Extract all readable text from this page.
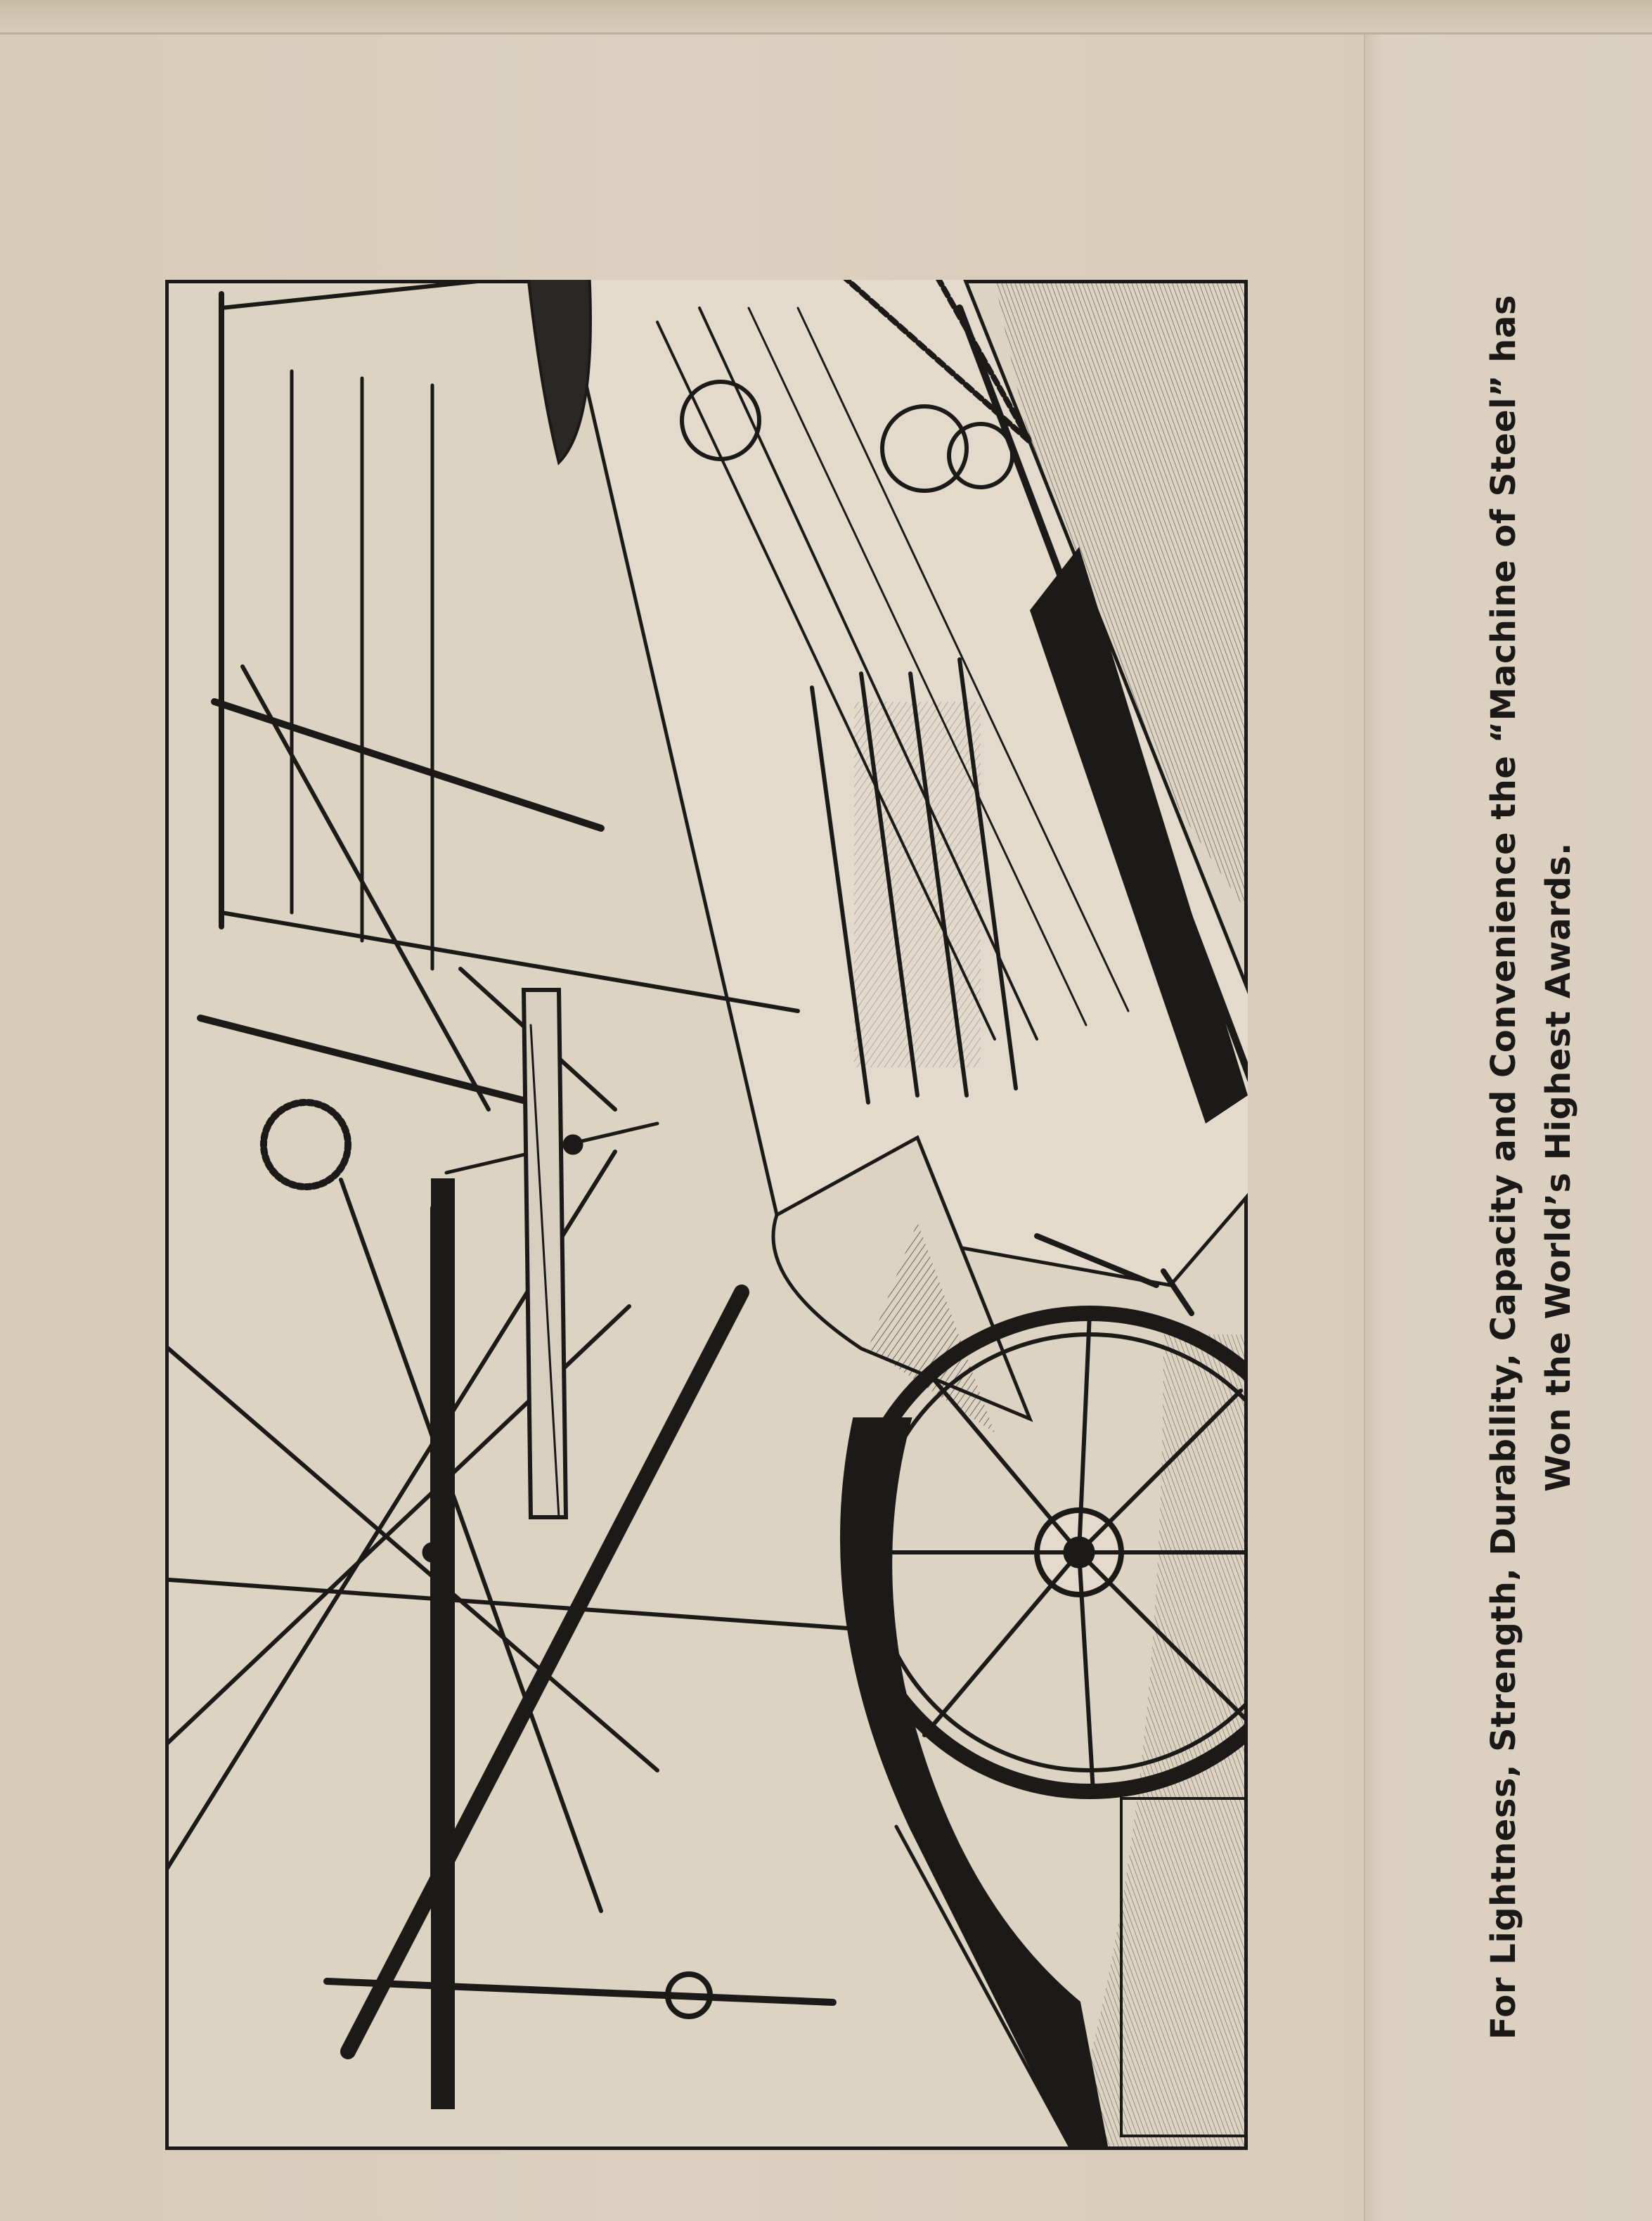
For Lightness, Strength, Durability, Capacity and Convenience the “Machine of Steel” has Won the World’s Highest Awards.
